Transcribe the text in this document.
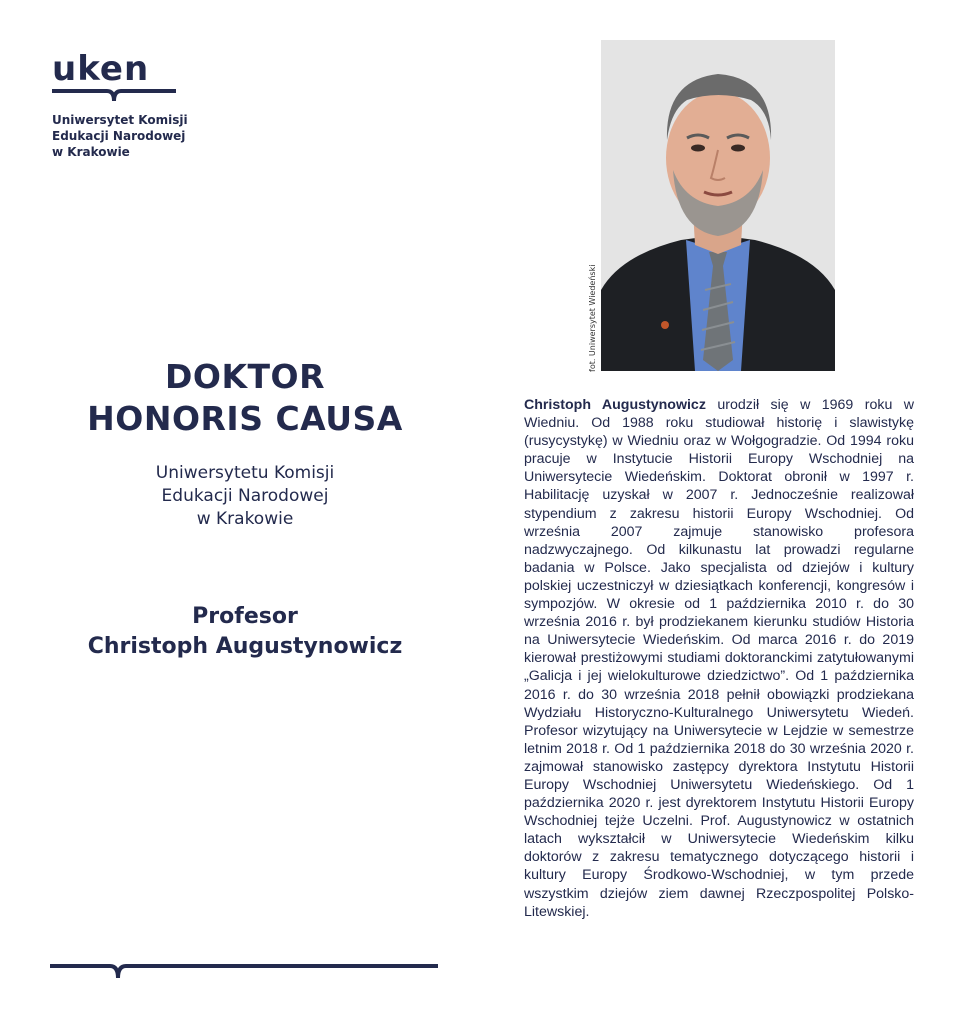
uken
Uniwersytet Komisji
Edukacji Narodowej
w Krakowie
DOKTOR
HONORIS CAUSA
Uniwersytetu Komisji
Edukacji Narodowej
w Krakowie
Profesor
Christoph Augustynowicz
fot. Uniwersytet Wiedeński
Christoph Augustynowicz urodził się w 1969 roku w Wiedniu. Od 1988 roku studiował historię i slawistykę (rusycystykę) w Wiedniu oraz w Wołgogradzie. Od 1994 roku pracuje w Instytucie Historii Europy Wschodniej na Uniwersytecie Wiedeńskim. Doktorat obronił w 1997 r. Habilitację uzyskał w 2007 r. Jednocześnie realizował stypendium z zakresu historii Europy Wschodniej. Od września 2007 zajmuje stanowisko profesora nadzwyczajnego. Od kilkunastu lat prowadzi regularne badania w Polsce. Jako specjalista od dziejów i kultury polskiej uczestniczył w dziesiątkach konferencji, kongresów i sympozjów. W okresie od 1 października 2010 r. do 30 września 2016 r. był prodziekanem kierunku studiów Historia na Uniwersytecie Wiedeńskim. Od marca 2016 r. do 2019 kierował prestiżowymi studiami doktoranckimi zatytułowanymi „Galicja i jej wielokulturowe dziedzictwo”. Od 1 października 2016 r. do 30 września 2018 pełnił obowiązki prodziekana Wydziału Historyczno-Kulturalnego Uniwersytetu Wiedeń. Profesor wizytujący na Uniwersytecie w Lejdzie w semestrze letnim 2018 r. Od 1 października 2018 do 30 września 2020 r. zajmował stanowisko zastępcy dyrektora Instytutu Historii Europy Wschodniej Uniwersytetu Wiedeńskiego. Od 1 października 2020 r. jest dyrektorem Instytutu Historii Europy Wschodniej tejże Uczelni. Prof. Augustynowicz w ostatnich latach wykształcił w Uniwersytecie Wiedeńskim kilku doktorów z zakresu tematycznego dotyczącego historii i kultury Europy Środkowo-Wschodniej, w tym przede wszystkim dziejów ziem dawnej Rzeczpospolitej Polsko-Litewskiej.
